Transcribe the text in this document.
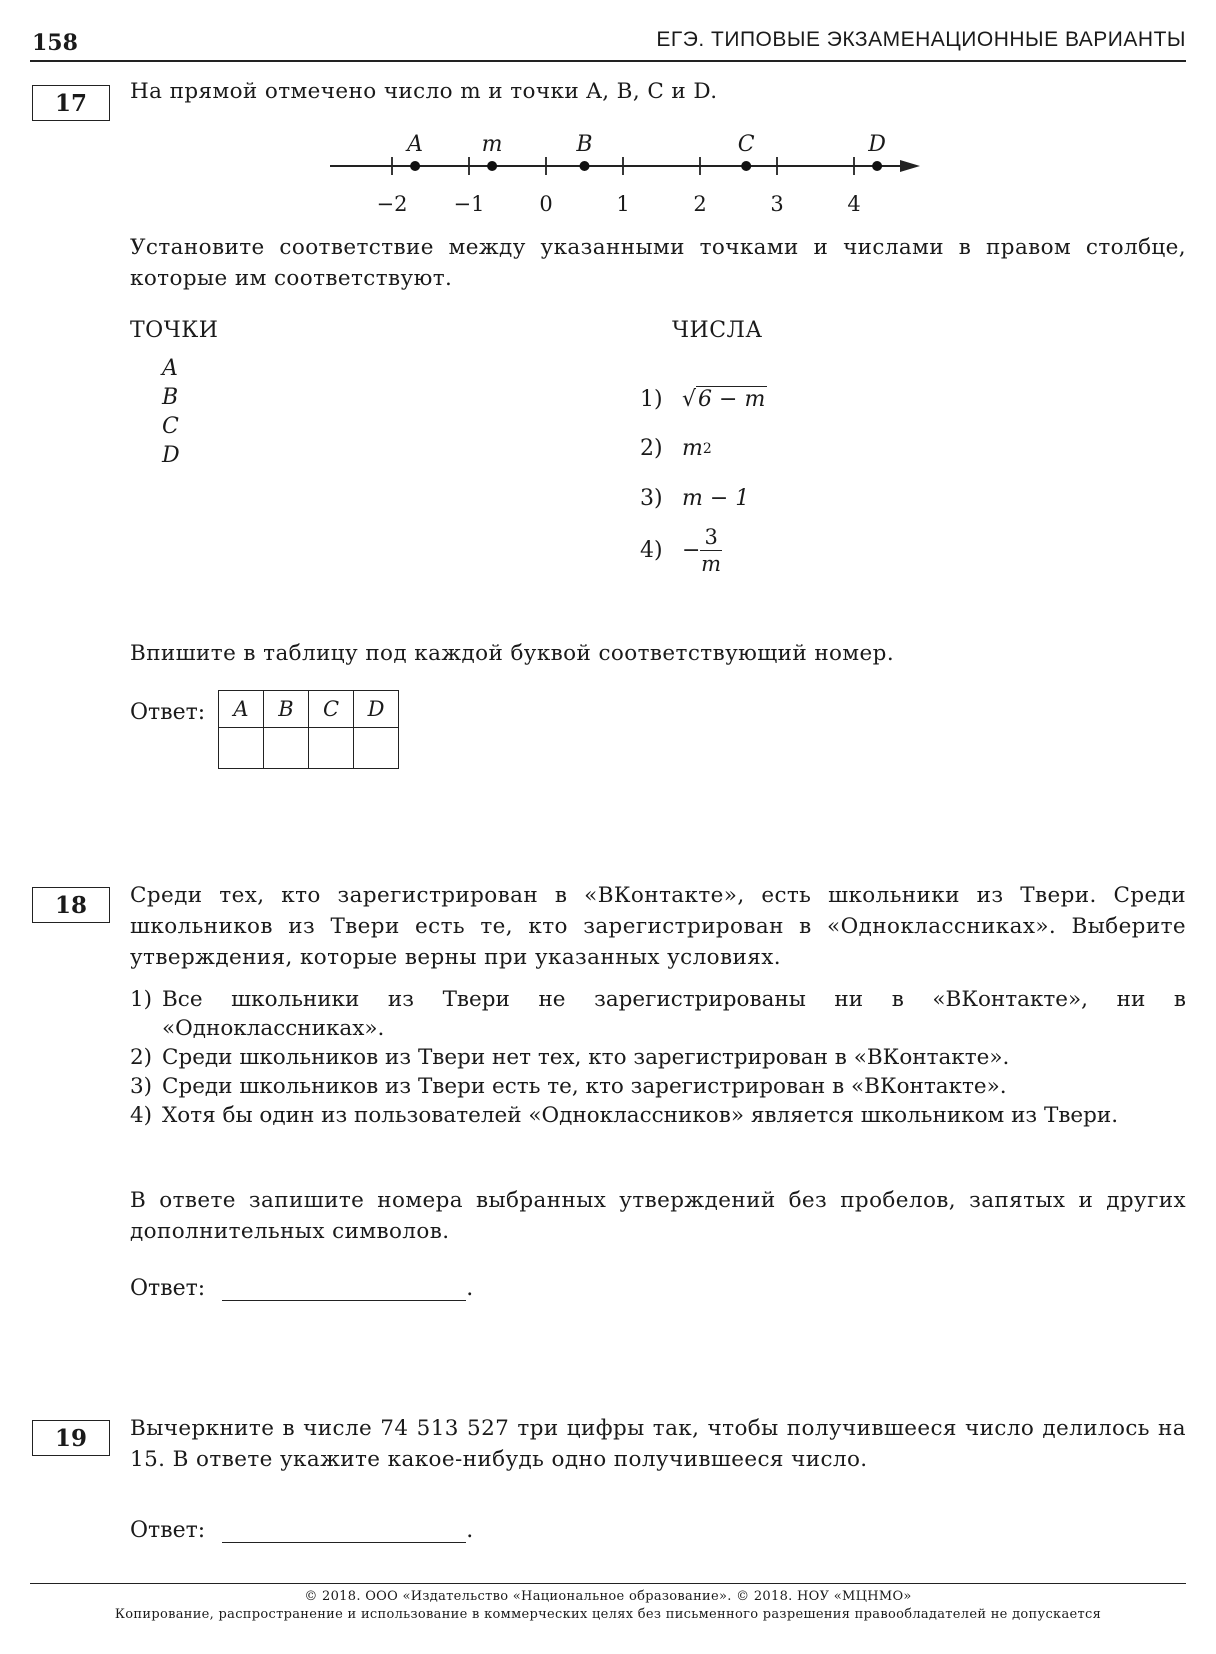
158	ЕГЭ. ТИПОВЫЕ ЭКЗАМЕНАЦИОННЫЕ ВАРИАНТЫ
17	На прямой отмечено число m и точки A, B, C и D.
−2 −1	0	1	2	3	4
A	m	B	C	D
Установите соответствие между указанными точками и числами в правом столбце, которые им соответствуют.
ТОЧКИ	ЧИСЛА
A
B
C
D
1) √ 6 − m
2) m 2
3) m − 1
$4) - \frac{3}{m}$
Впишите в таблицу под каждой буквой соответствующий номер.
Ответ: A	B	C	D

18	Среди тех, кто зарегистрирован в «ВКонтакте», есть школьники из Твери. Среди школьников из Твери есть те, кто зарегистрирован в «Одноклассниках». Выберите утверждения, которые верны при указанных условиях.
1) Все школьники из Твери не зарегистрированы ни в «ВКонтакте», ни в «Одноклассниках».
2) Среди школьников из Твери нет тех, кто зарегистрирован в «ВКонтакте».
3) Среди школьников из Твери есть те, кто зарегистрирован в «ВКонтакте».
4) Хотя бы один из пользователей «Одноклассников» является школьником из Твери.
В ответе запишите номера выбранных утверждений без пробелов, запятых и других дополнительных символов.
Ответ:	.
19	Вычеркните в числе 74 513 527 три цифры так, чтобы получившееся число делилось на 15. В ответе укажите какое-нибудь одно получившееся число.
Ответ:	.
© 2018. ООО «Издательство «Национальное образование». © 2018. НОУ «МЦНМО»
Копирование, распространение и использование в коммерческих целях без письменного разрешения правообладателей не допускается
